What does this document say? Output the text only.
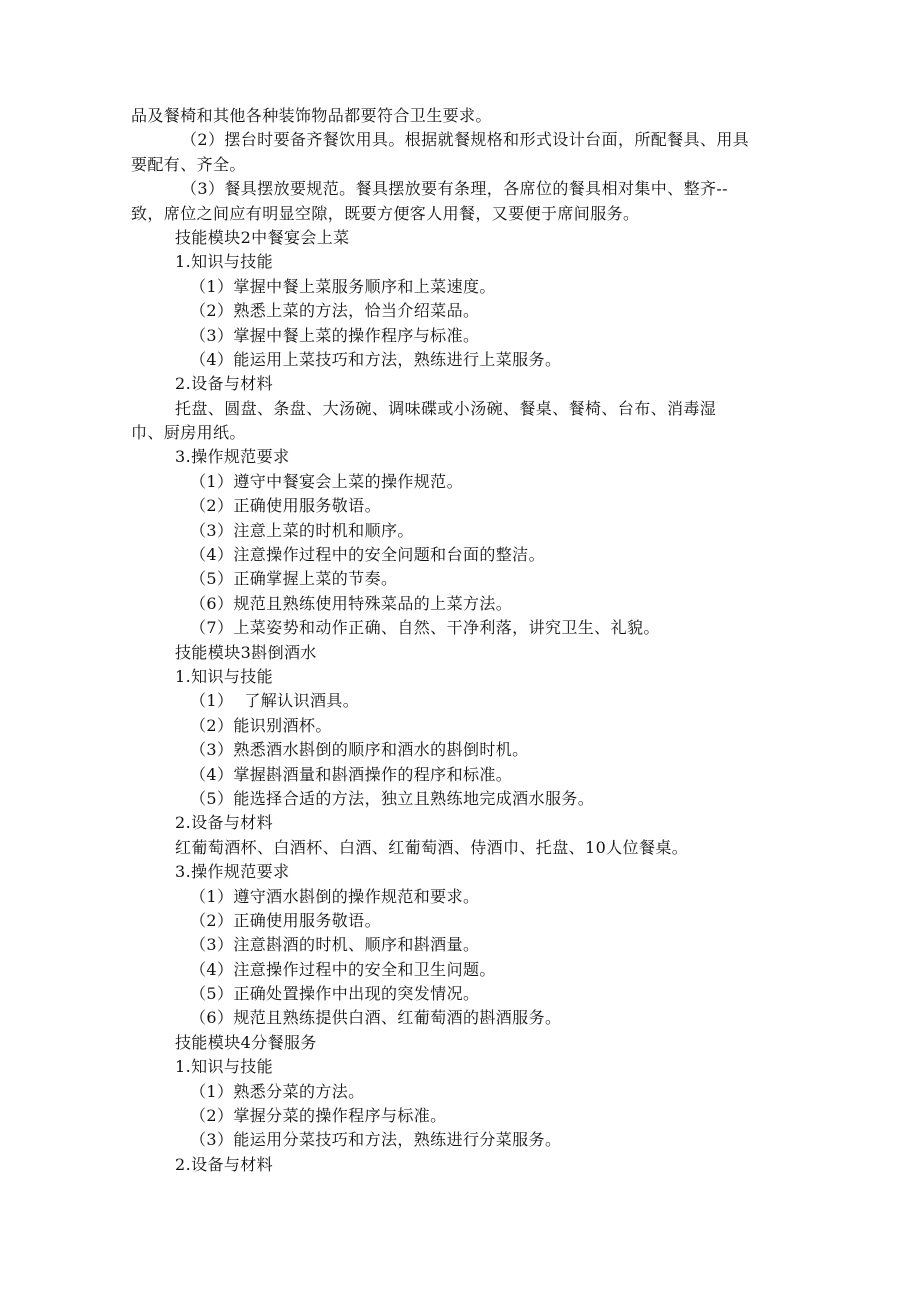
品及餐椅和其他各种装饰物品都要符合卫生要求。
（2）摆台时要备齐餐饮用具。根据就餐规格和形式设计台面，所配餐具、用具
要配有、齐全。
（3）餐具摆放要规范。餐具摆放要有条理，各席位的餐具相对集中、整齐--
致，席位之间应有明显空隙，既要方便客人用餐，又要便于席间服务。
技能模块2中餐宴会上菜
1.知识与技能
（1）掌握中餐上菜服务顺序和上菜速度。
（2）熟悉上菜的方法，恰当介绍菜品。
（3）掌握中餐上菜的操作程序与标准。
（4）能运用上菜技巧和方法，熟练进行上菜服务。
2.设备与材料
托盘、圆盘、条盘、大汤碗、调味碟或小汤碗、餐桌、餐椅、台布、消毒湿
巾、厨房用纸。
3.操作规范要求
（1）遵守中餐宴会上菜的操作规范。
（2）正确使用服务敬语。
（3）注意上菜的时机和顺序。
（4）注意操作过程中的安全问题和台面的整洁。
（5）正确掌握上菜的节奏。
（6）规范且熟练使用特殊菜品的上菜方法。
（7）上菜姿势和动作正确、自然、干净利落，讲究卫生、礼貌。
技能模块3斟倒酒水
1.知识与技能
（1）  了解认识酒具。
（2）能识别酒杯。
（3）熟悉酒水斟倒的顺序和酒水的斟倒时机。
（4）掌握斟酒量和斟酒操作的程序和标准。
（5）能选择合适的方法，独立且熟练地完成酒水服务。
2.设备与材料
红葡萄酒杯、白酒杯、白酒、红葡萄酒、侍酒巾、托盘、10人位餐桌。
3.操作规范要求
（1）遵守酒水斟倒的操作规范和要求。
（2）正确使用服务敬语。
（3）注意斟酒的时机、顺序和斟酒量。
（4）注意操作过程中的安全和卫生问题。
（5）正确处置操作中出现的突发情况。
（6）规范且熟练提供白酒、红葡萄酒的斟酒服务。
技能模块4分餐服务
1.知识与技能
（1）熟悉分菜的方法。
（2）掌握分菜的操作程序与标准。
（3）能运用分菜技巧和方法，熟练进行分菜服务。
2.设备与材料
